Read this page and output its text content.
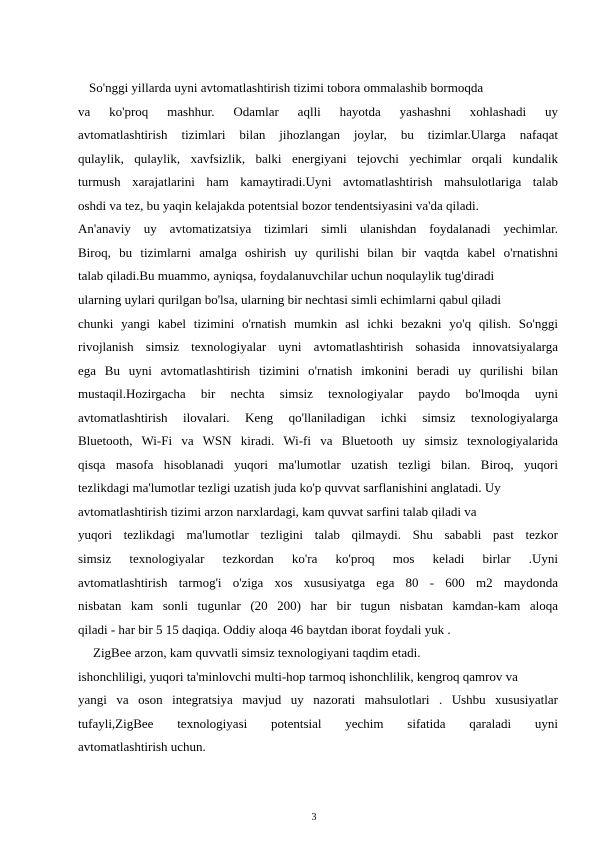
So'nggi yillarda uyni avtomatlashtirish tizimi tobora ommalashib bormoqda
va ko'proq mashhur. Odamlar aqlli hayotda yashashni xohlashadi uy
avtomatlashtirish tizimlari bilan jihozlangan joylar, bu tizimlar.Ularga nafaqat
qulaylik, qulaylik, xavfsizlik, balki energiyani tejovchi yechimlar orqali kundalik
turmush xarajatlarini ham kamaytiradi.Uyni avtomatlashtirish mahsulotlariga talab
oshdi va tez, bu yaqin kelajakda potentsial bozor tendentsiyasini va'da qiladi.
An'anaviy uy avtomatizatsiya tizimlari simli ulanishdan foydalanadi yechimlar.
Biroq, bu tizimlarni amalga oshirish uy qurilishi bilan bir vaqtda kabel o'rnatishni
talab qiladi.Bu muammo, ayniqsa, foydalanuvchilar uchun noqulaylik tug'diradi
ularning uylari qurilgan bo'lsa, ularning bir nechtasi simli echimlarni qabul qiladi
chunki yangi kabel tizimini o'rnatish mumkin asl ichki bezakni yo'q qilish. So'nggi
rivojlanish simsiz texnologiyalar uyni avtomatlashtirish sohasida innovatsiyalarga
ega Bu uyni avtomatlashtirish tizimini o'rnatish imkonini beradi uy qurilishi bilan
mustaqil.Hozirgacha bir nechta simsiz texnologiyalar paydo bo'lmoqda uyni
avtomatlashtirish ilovalari. Keng qo'llaniladigan ichki simsiz texnologiyalarga
Bluetooth, Wi-Fi va WSN kiradi. Wi-fi va Bluetooth uy simsiz texnologiyalarida
qisqa masofa hisoblanadi yuqori ma'lumotlar uzatish tezligi bilan. Biroq, yuqori
tezlikdagi ma'lumotlar tezligi uzatish juda ko'p quvvat sarflanishini anglatadi. Uy
avtomatlashtirish tizimi arzon narxlardagi, kam quvvat sarfini talab qiladi va
yuqori tezlikdagi ma'lumotlar tezligini talab qilmaydi. Shu sababli past tezkor
simsiz texnologiyalar tezkordan ko'ra ko'proq mos keladi birlar .Uyni
avtomatlashtirish tarmog'i o'ziga xos xususiyatga ega 80 - 600 m2 maydonda
nisbatan kam sonli tugunlar (20 200) har bir tugun nisbatan kamdan-kam aloqa
qiladi - har bir 5 15 daqiqa. Oddiy aloqa 46 baytdan iborat foydali yuk .
ZigBee arzon, kam quvvatli simsiz texnologiyani taqdim etadi.
ishonchliligi, yuqori ta'minlovchi multi-hop tarmoq ishonchlilik, kengroq qamrov va
yangi va oson integratsiya mavjud uy nazorati mahsulotlari . Ushbu xususiyatlar
tufayli,ZigBee texnologiyasi potentsial yechim sifatida qaraladi uyni
avtomatlashtirish uchun.
3
